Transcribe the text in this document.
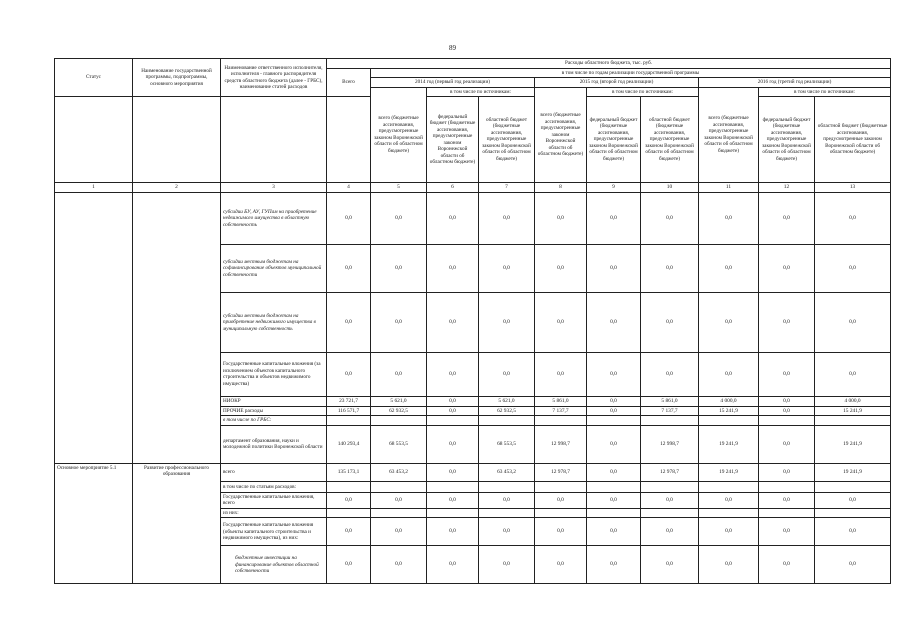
89
Статус	Наименование государственной программы, подпрограммы, основного мероприятия	Наименование ответственного исполнителя, исполнителя - главного распорядителя средств областного бюджета (далее - ГРБС), наименование статей расходов	Расходы областного бюджета, тыс. руб.									
			Всего	в том числе по годам реализации государственной программы								
				2014 год (первый год реализации)			2015 год (второй год реализации)			2016 год (третий год реализации)		
				всего (бюджетные ассигнования, предусмотренные законом Воронежской области об областном бюджете)	в том числе по источникам:		всего (бюджетные ассигнования, предусмотренные законом Воронежской области об областном бюджете)	в том числе по источникам:		всего (бюджетные ассигнования, предусмотренные законом Воронежской области об областном бюджете)	в том числе по источникам:	
					федеральный бюджет (бюджетные ассигнования, предусмотренные законом Воронежской области об областном бюджете)	областной бюджет (бюджетные ассигнования, предусмотренные законом Воронежской области об областном бюджете)		федеральный бюджет (бюджетные ассигнования, предусмотренные законом Воронежской области об областном бюджете)	областной бюджет (бюджетные ассигнования, предусмотренные законом Воронежской области об областном бюджете)		федеральный бюджет (бюджетные ассигнования, предусмотренные законом Воронежской области об областном бюджете)	областной бюджет (бюджетные ассигнования, предусмотренные законом Воронежской области об областном бюджете)
1	2	3	4	5	6	7	8	9	10	11	12	13
		субсидии БУ, АУ, ГУПам на приобретение недвижимого имущества в областную собственность	0,0	0,0	0,0	0,0	0,0	0,0	0,0	0,0	0,0	0,0
		субсидии местным бюджетам на софинансирование объектов муниципальной собственности	0,0	0,0	0,0	0,0	0,0	0,0	0,0	0,0	0,0	0,0
		субсидии местным бюджетам на приобретение недвижимого имущества в муниципальную собственность	0,0	0,0	0,0	0,0	0,0	0,0	0,0	0,0	0,0	0,0
		Государственные капитальные вложения (за исключением объектов капитального строительства и объектов недвижимого имущества)	0,0	0,0	0,0	0,0	0,0	0,0	0,0	0,0	0,0	0,0
		НИОКР	23 721,7	5 621,0	0,0	5 621,0	5 861,0	0,0	5 861,0	4 000,0	0,0	4 000,0
		ПРОЧИЕ расходы	116 571,7	62 932,5	0,0	62 932,5	7 137,7	0,0	7 137,7	15 241,9	0,0	15 241,9
		в том числе по ГРБС:										
		департамент образования, науки и молодежной политики Воронежской области	140 293,4	68 553,5	0,0	68 553,5	12 998,7	0,0	12 998,7	19 241,9	0,0	19 241,9
Основное мероприятие 5.1	Развитие профессионального образования	всего	135 173,1	63 453,2	0,0	63 453,2	12 978,7	0,0	12 978,7	19 241,9	0,0	19 241,9
		в том числе по статьям расходов:										
		Государственные капитальные вложения, всего	0,0	0,0	0,0	0,0	0,0	0,0	0,0	0,0	0,0	0,0
		из них:										
		Государственные капитальные вложения (объекты капитального строительства и недвижимого имущества), из них:	0,0	0,0	0,0	0,0	0,0	0,0	0,0	0,0	0,0	0,0
		бюджетные инвестиции на финансирование объектов областной собственности	0,0	0,0	0,0	0,0	0,0	0,0	0,0	0,0	0,0	0,0
